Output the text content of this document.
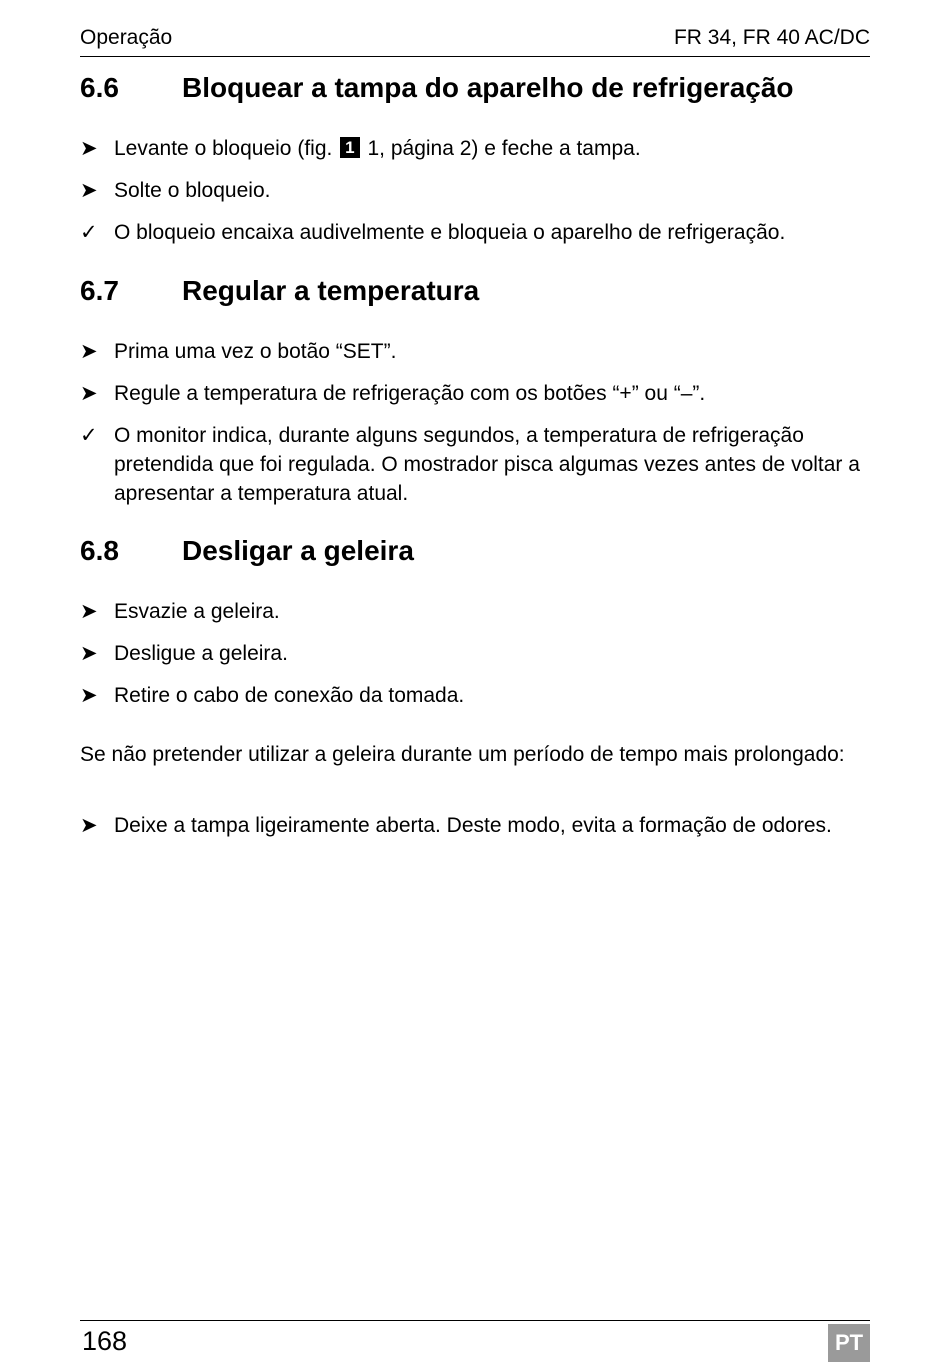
Operação	FR 34, FR 40 AC/DC
6.6 Bloquear a tampa do aparelho de refrigeração
➤ Levante o bloqueio (fig. 1 1, página 2) e feche a tampa.
➤ Solte o bloqueio.
✓ O bloqueio encaixa audivelmente e bloqueia o aparelho de refrigeração.
6.7 Regular a temperatura
➤ Prima uma vez o botão “SET”.
➤ Regule a temperatura de refrigeração com os botões “+” ou “–”.
✓ O monitor indica, durante alguns segundos, a temperatura de refrigeração pretendida que foi regulada. O mostrador pisca algumas vezes antes de voltar a apresentar a temperatura atual.
6.8 Desligar a geleira
➤ Esvazie a geleira.
➤ Desligue a geleira.
➤ Retire o cabo de conexão da tomada.
Se não pretender utilizar a geleira durante um período de tempo mais prolongado:
➤ Deixe a tampa ligeiramente aberta. Deste modo, evita a formação de odores.
168	PT
